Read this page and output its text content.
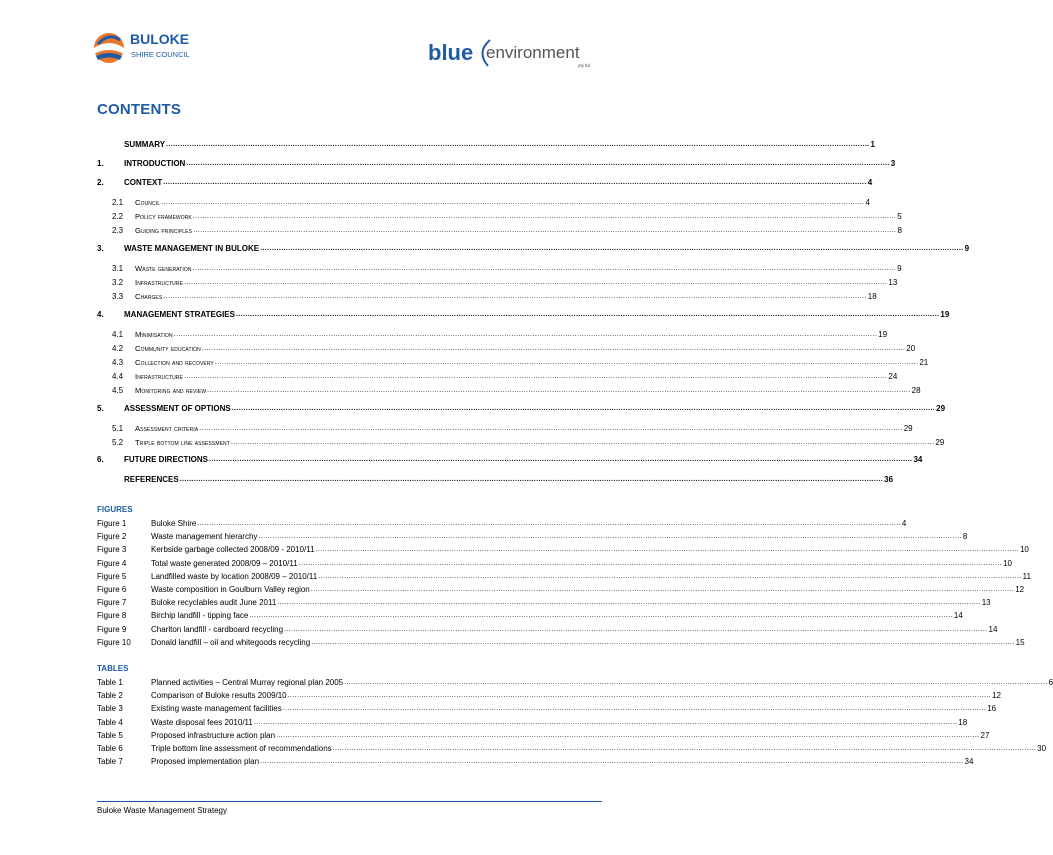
BULOKE
SHIRE COUNCIL	blue environment
pty ltd
CONTENTS
SUMMARY ............................................................................................................................................................................................................................................................................................................ 1
1.	INTRODUCTION ............................................................................................................................................................................................................................................................................................................ 3
2.	CONTEXT ............................................................................................................................................................................................................................................................................................................ 4
2.1	Council ............................................................................................................................................................................................................................................................................................................ 4
2.2	Policy framework ............................................................................................................................................................................................................................................................................................................ 5
2.3	Guiding principles ............................................................................................................................................................................................................................................................................................................ 8
3.	WASTE MANAGEMENT IN BULOKE ............................................................................................................................................................................................................................................................................................................ 9
3.1	Waste generation ............................................................................................................................................................................................................................................................................................................ 9
3.2	Infrastructure ............................................................................................................................................................................................................................................................................................................ 13
3.3	Charges ............................................................................................................................................................................................................................................................................................................ 18
4.	MANAGEMENT STRATEGIES ............................................................................................................................................................................................................................................................................................................ 19
4.1	Minimisation ............................................................................................................................................................................................................................................................................................................ 19
4.2	Community education ............................................................................................................................................................................................................................................................................................................ 20
4.3	Collection and recovery ............................................................................................................................................................................................................................................................................................................ 21
4.4	Infrastructure ............................................................................................................................................................................................................................................................................................................ 24
4.5	Monitoring and review ............................................................................................................................................................................................................................................................................................................ 28
5.	ASSESSMENT OF OPTIONS ............................................................................................................................................................................................................................................................................................................ 29
5.1	Assessment criteria ............................................................................................................................................................................................................................................................................................................ 29
5.2	Triple bottom line assessment ............................................................................................................................................................................................................................................................................................................ 29
6.	FUTURE DIRECTIONS ............................................................................................................................................................................................................................................................................................................ 34
REFERENCES ............................................................................................................................................................................................................................................................................................................ 36
FIGURES
Figure 1	Buloke Shire ............................................................................................................................................................................................................................................................................................................ 4
Figure 2	Waste management hierarchy ............................................................................................................................................................................................................................................................................................................ 8
Figure 3	Kerbside garbage collected 2008/09 - 2010/11 ............................................................................................................................................................................................................................................................................................................ 10
Figure 4	Total waste generated 2008/09 – 2010/11 ............................................................................................................................................................................................................................................................................................................ 10
Figure 5	Landfilled waste by location 2008/09 – 2010/11 ............................................................................................................................................................................................................................................................................................................ 11
Figure 6	Waste composition in Goulburn Valley region ............................................................................................................................................................................................................................................................................................................ 12
Figure 7	Buloke recyclables audit June 2011 ............................................................................................................................................................................................................................................................................................................ 13
Figure 8	Birchip landfill - tipping face ............................................................................................................................................................................................................................................................................................................ 14
Figure 9	Charlton landfill - cardboard recycling ............................................................................................................................................................................................................................................................................................................ 14
Figure 10	Donald landfill – oil and whitegoods recycling ............................................................................................................................................................................................................................................................................................................ 15
TABLES
Table 1	Planned activities – Central Murray regional plan 2005 ............................................................................................................................................................................................................................................................................................................ 6
Table 2	Comparison of Buloke results 2009/10 ............................................................................................................................................................................................................................................................................................................ 12
Table 3	Existing waste management facilities ............................................................................................................................................................................................................................................................................................................ 16
Table 4	Waste disposal fees 2010/11 ............................................................................................................................................................................................................................................................................................................ 18
Table 5	Proposed infrastructure action plan ............................................................................................................................................................................................................................................................................................................ 27
Table 6	Triple bottom line assessment of recommendations ............................................................................................................................................................................................................................................................................................................ 30
Table 7	Proposed implementation plan ............................................................................................................................................................................................................................................................................................................ 34
Buloke Waste Management Strategy
